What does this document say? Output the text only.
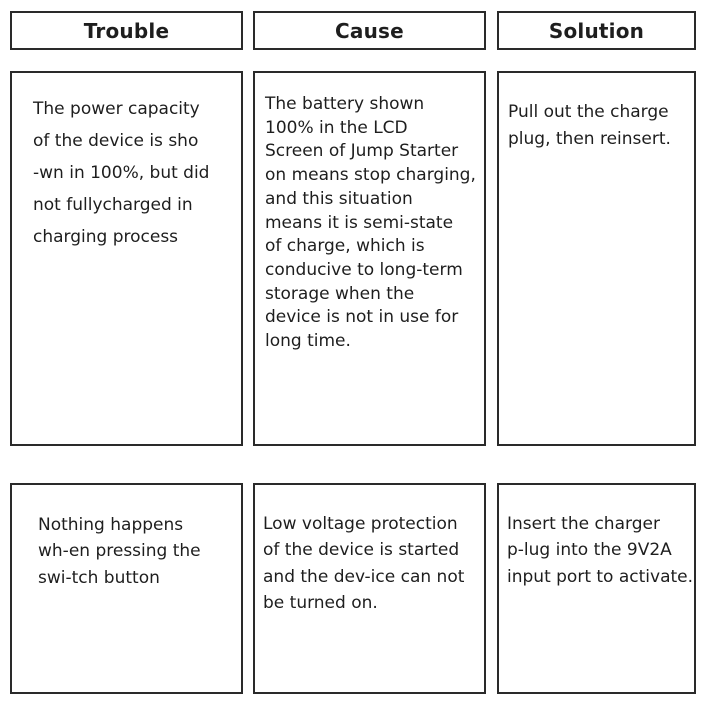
Trouble	Cause	Solution

The power capacity
of the device is sho
-wn in 100%, but did
not fullycharged in
charging process

The battery shown
100% in the LCD
Screen of Jump Starter
on means stop charging,
and this situation
means it is semi-state
of charge, which is
conducive to long-term
storage when the
device is not in use for
long time.

Pull out the charge
plug, then reinsert.

Nothing happens
wh-en pressing the
swi-tch button

Low voltage protection
of the device is started
and the dev-ice can not
be turned on.

Insert the charger
p-lug into the 9V2A
input port to activate.
